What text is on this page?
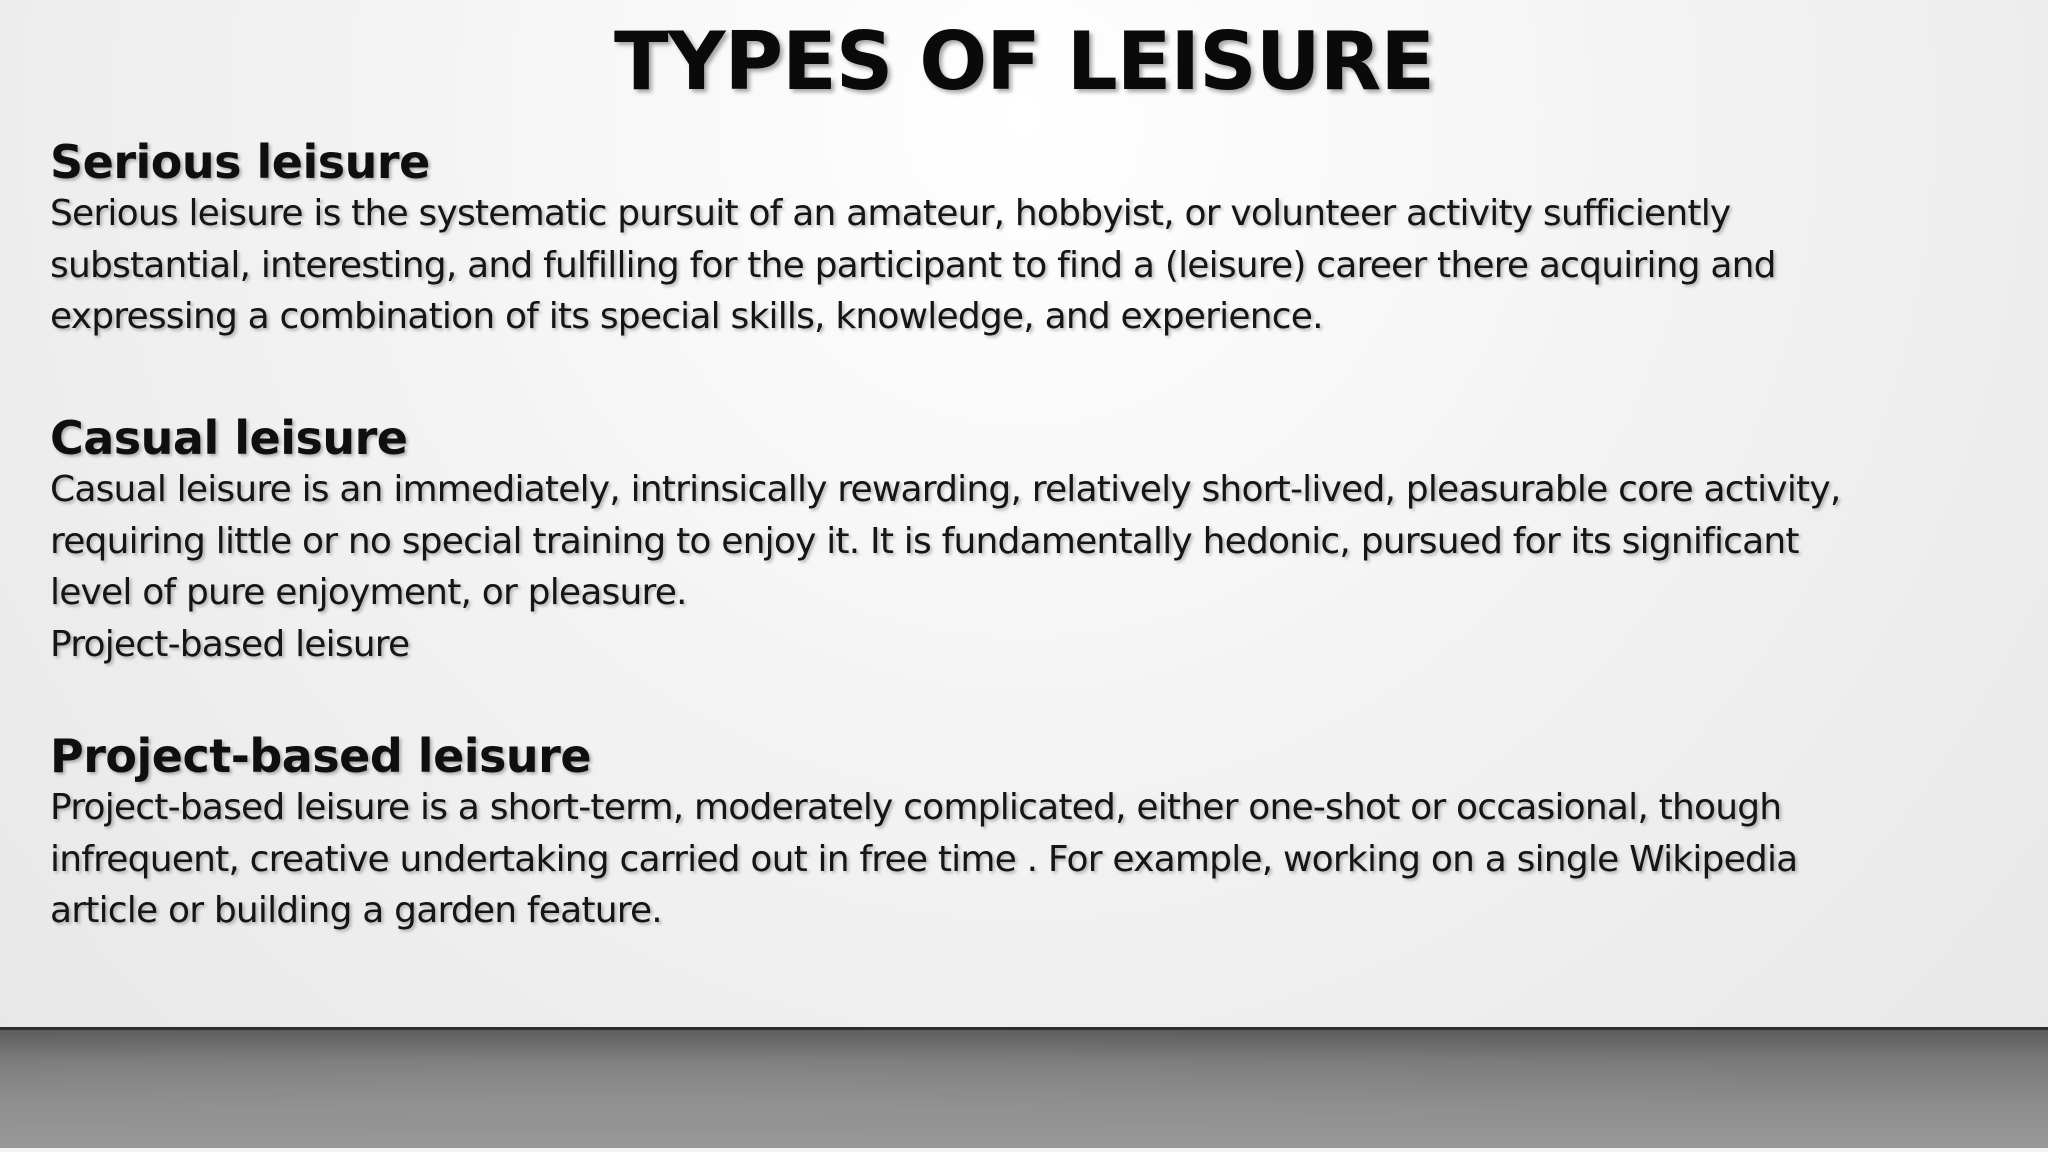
TYPES OF LEISURE
Serious leisure

Serious leisure is the systematic pursuit of an amateur, hobbyist, or volunteer activity sufficiently
substantial, interesting, and fulfilling for the participant to find a (leisure) career there acquiring and
expressing a combination of its special skills, knowledge, and experience.

Casual leisure

Casual leisure is an immediately, intrinsically rewarding, relatively short-lived, pleasurable core activity,
requiring little or no special training to enjoy it. It is fundamentally hedonic, pursued for its significant
level of pure enjoyment, or pleasure.
Project-based leisure

Project-based leisure

Project-based leisure is a short-term, moderately complicated, either one-shot or occasional, though
infrequent, creative undertaking carried out in free time . For example, working on a single Wikipedia
article or building a garden feature.
